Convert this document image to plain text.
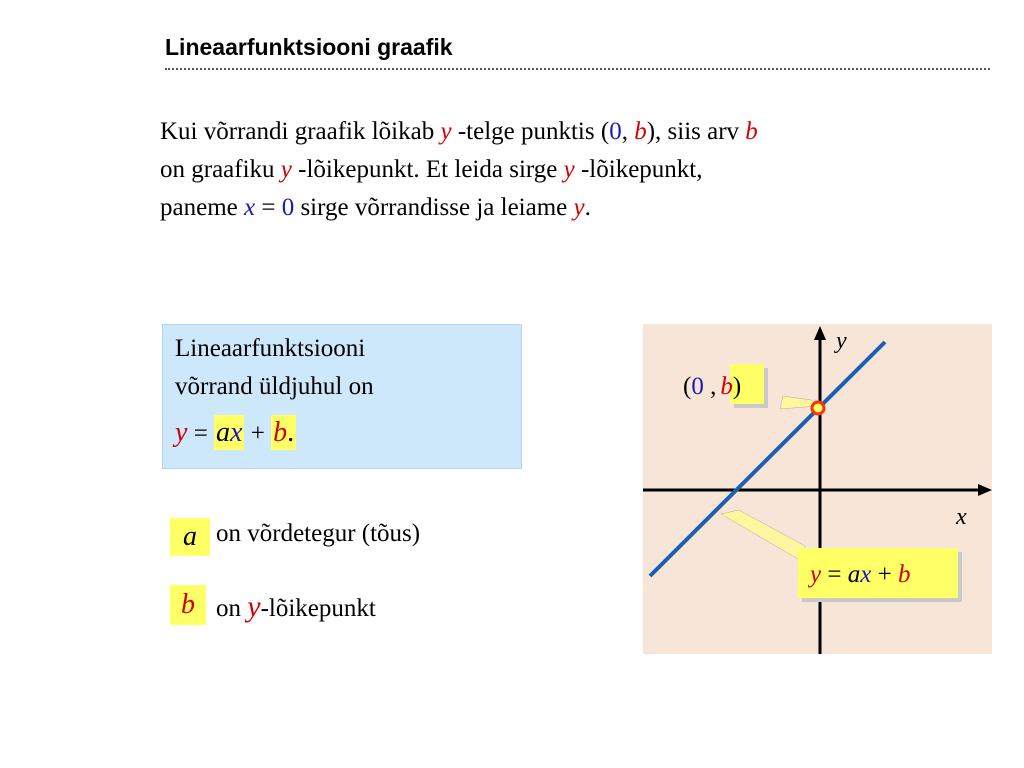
Lineaarfunktsiooni graafik
Kui võrrandi graafik lõikab y -telge punktis (0, b), siis arv b
on graafiku y -lõikepunkt. Et leida sirge y -lõikepunkt,
paneme x = 0 sirge võrrandisse ja leiame y.
Lineaarfunktsiooni
võrrand üldjuhul on
y = ax + b.
a on võrdetegur (tõus)
b on y-lõikepunkt
y
x
(0 , b)
y = ax + b
